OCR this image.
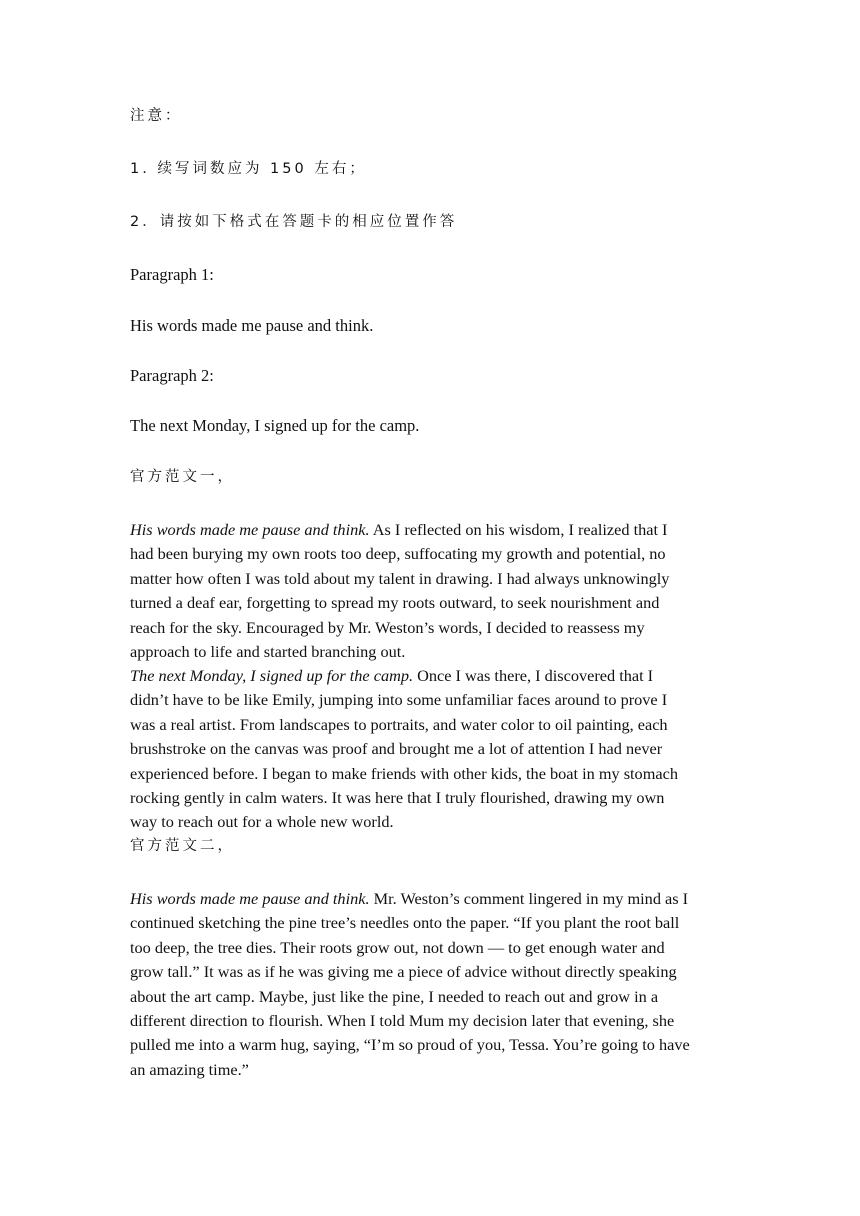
注意：
1. 续写词数应为 150 左右；
2．请按如下格式在答题卡的相应位置作答
Paragraph 1:
His words made me pause and think.
Paragraph 2:
The next Monday, I signed up for the camp.
官方范文一，
His words made me pause and think. As I reflected on his wisdom, I realized that I
had been burying my own roots too deep, suffocating my growth and potential, no
matter how often I was told about my talent in drawing. I had always unknowingly
turned a deaf ear, forgetting to spread my roots outward, to seek nourishment and
reach for the sky. Encouraged by Mr. Weston’s words, I decided to reassess my
approach to life and started branching out.
The next Monday, I signed up for the camp. Once I was there, I discovered that I
didn’t have to be like Emily, jumping into some unfamiliar faces around to prove I
was a real artist. From landscapes to portraits, and water color to oil painting, each
brushstroke on the canvas was proof and brought me a lot of attention I had never
experienced before. I began to make friends with other kids, the boat in my stomach
rocking gently in calm waters. It was here that I truly flourished, drawing my own
way to reach out for a whole new world.
官方范文二，
His words made me pause and think. Mr. Weston’s comment lingered in my mind as I
continued sketching the pine tree’s needles onto the paper. “If you plant the root ball
too deep, the tree dies. Their roots grow out, not down — to get enough water and
grow tall.” It was as if he was giving me a piece of advice without directly speaking
about the art camp. Maybe, just like the pine, I needed to reach out and grow in a
different direction to flourish. When I told Mum my decision later that evening, she
pulled me into a warm hug, saying, “I’m so proud of you, Tessa. You’re going to have
an amazing time.”
